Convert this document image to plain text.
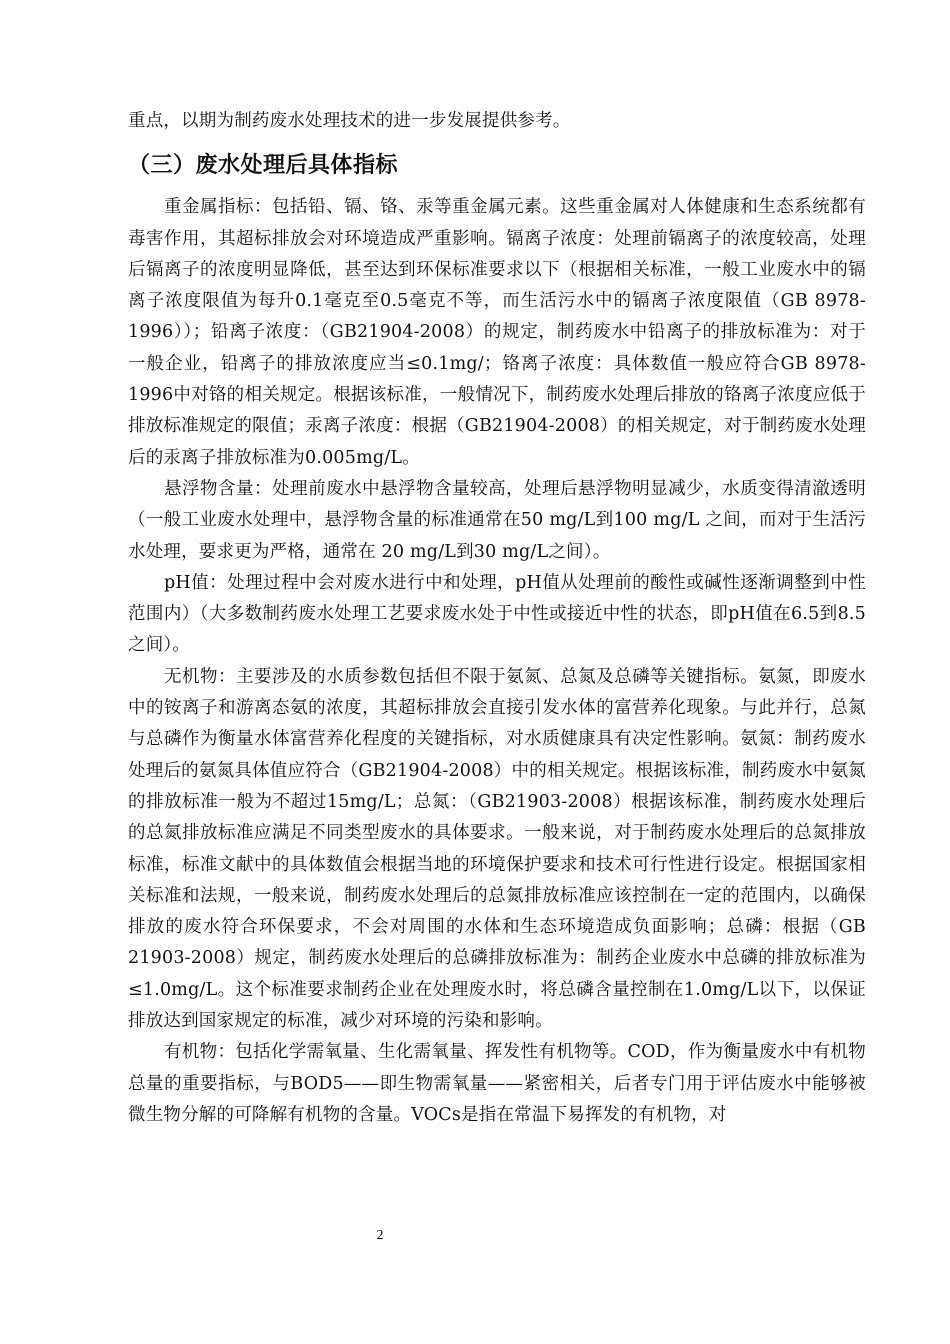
重点，以期为制药废水处理技术的进一步发展提供参考。

（三）废水处理后具体指标

重金属指标：包括铅、镉、铬、汞等重金属元素。这些重金属对人体健康和生态系统都有毒害作用，其超标排放会对环境造成严重影响。镉离子浓度：处理前镉离子的浓度较高，处理后镉离子的浓度明显降低，甚至达到环保标准要求以下（根据相关标准，一般工业废水中的镉离子浓度限值为每升0.1毫克至0.5毫克不等，而生活污水中的镉离子浓度限值（GB 8978-1996））；铅离子浓度：（GB21904-2008）的规定，制药废水中铅离子的排放标准为：对于一般企业，铅离子的排放浓度应当≤0.1mg/；铬离子浓度：具体数值一般应符合GB 8978-1996中对铬的相关规定。根据该标准，一般情况下，制药废水处理后排放的铬离子浓度应低于排放标准规定的限值；汞离子浓度：根据（GB21904-2008）的相关规定，对于制药废水处理后的汞离子排放标准为0.005mg/L。

悬浮物含量：处理前废水中悬浮物含量较高，处理后悬浮物明显减少，水质变得清澈透明（一般工业废水处理中，悬浮物含量的标准通常在50 mg/L到100 mg/L 之间，而对于生活污水处理，要求更为严格，通常在 20 mg/L到30 mg/L之间）。

pH值：处理过程中会对废水进行中和处理，pH值从处理前的酸性或碱性逐渐调整到中性范围内）（大多数制药废水处理工艺要求废水处于中性或接近中性的状态，即pH值在6.5到8.5之间）。

无机物：主要涉及的水质参数包括但不限于氨氮、总氮及总磷等关键指标。氨氮，即废水中的铵离子和游离态氨的浓度，其超标排放会直接引发水体的富营养化现象。与此并行，总氮与总磷作为衡量水体富营养化程度的关键指标，对水质健康具有决定性影响。氨氮：制药废水处理后的氨氮具体值应符合（GB21904-2008）中的相关规定。根据该标准，制药废水中氨氮的排放标准一般为不超过15mg/L；总氮：（GB21903-2008）根据该标准，制药废水处理后的总氮排放标准应满足不同类型废水的具体要求。一般来说，对于制药废水处理后的总氮排放标准，标准文献中的具体数值会根据当地的环境保护要求和技术可行性进行设定。根据国家相关标准和法规，一般来说，制药废水处理后的总氮排放标准应该控制在一定的范围内，以确保排放的废水符合环保要求，不会对周围的水体和生态环境造成负面影响；总磷：根据（GB 21903-2008）规定，制药废水处理后的总磷排放标准为：制药企业废水中总磷的排放标准为≤1.0mg/L。这个标准要求制药企业在处理废水时，将总磷含量控制在1.0mg/L以下，以保证排放达到国家规定的标准，减少对环境的污染和影响。

有机物：包括化学需氧量、生化需氧量、挥发性有机物等。COD，作为衡量废水中有机物总量的重要指标，与BOD5——即生物需氧量——紧密相关，后者专门用于评估废水中能够被微生物分解的可降解有机物的含量。VOCs是指在常温下易挥发的有机物，对

2
